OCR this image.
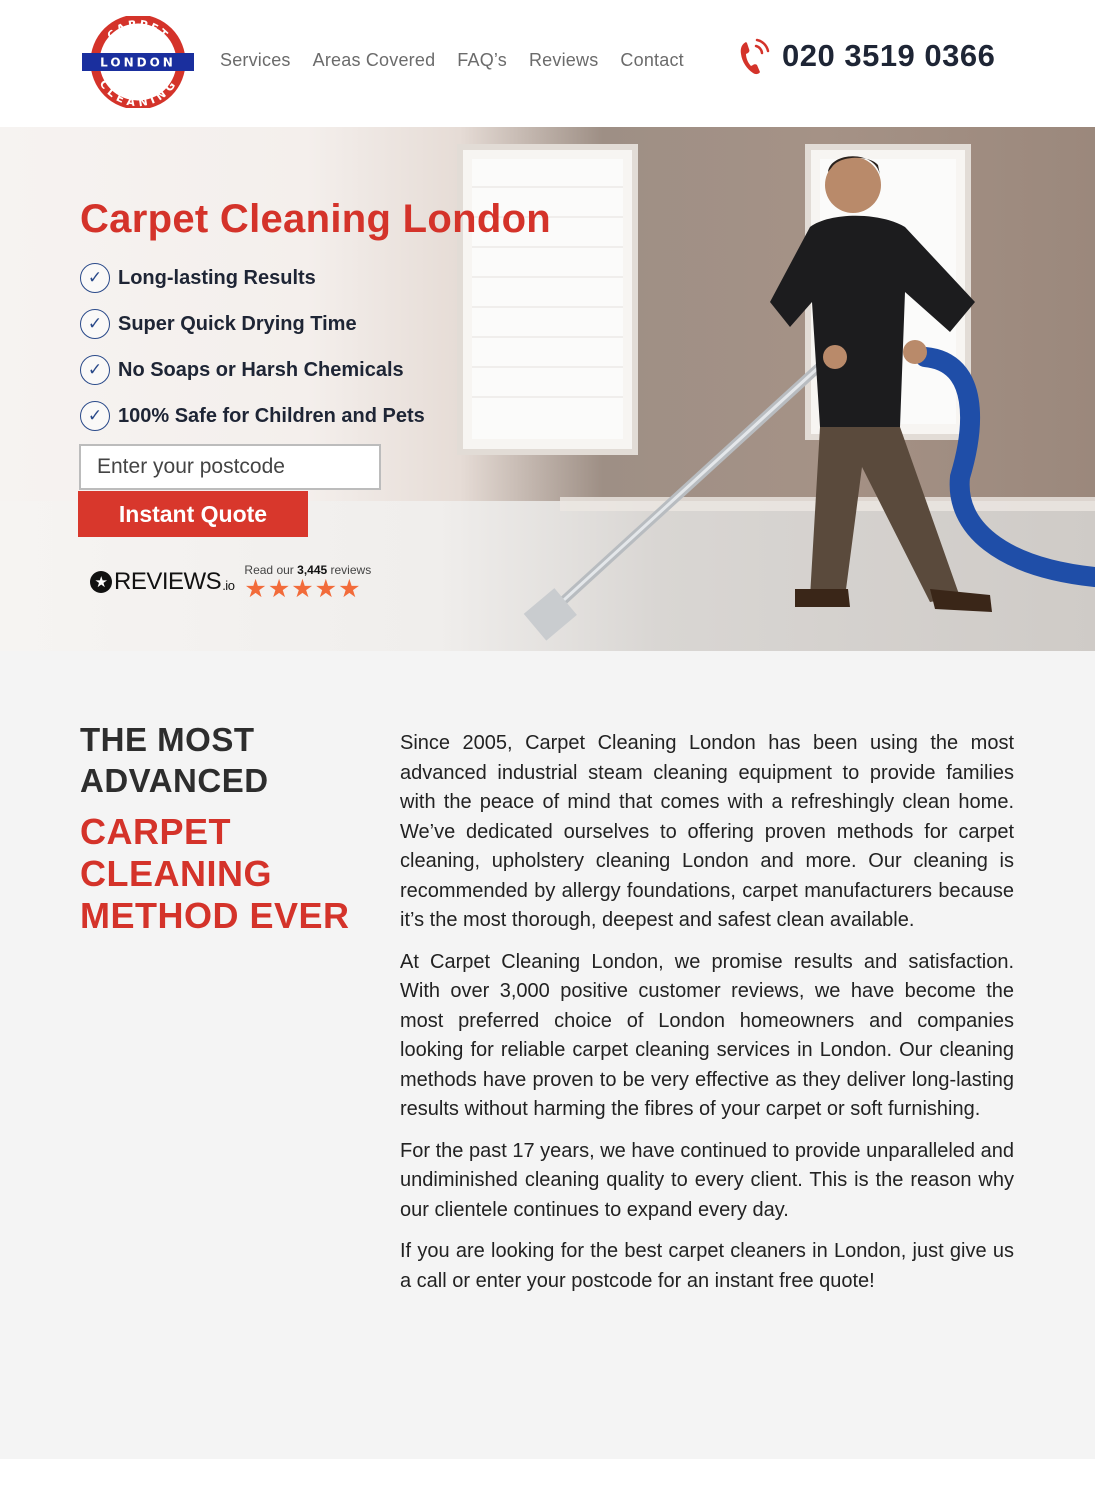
CARPET
CLEANING
LONDON Services Areas Covered FAQ’s Reviews Contact	020 3519 0366
Carpet Cleaning London
✓ Long-lasting Results
✓ Super Quick Drying Time
✓ No Soaps or Harsh Chemicals
✓ 100% Safe for Children and Pets
Enter your postcode
Instant Quote
★ REVIEWS .io
Read our 3,445 reviews
★★★★★
THE MOST
ADVANCED
CARPET
CLEANING
METHOD EVER

Since 2005, Carpet Cleaning London has been using the most advanced industrial steam cleaning equipment to provide families with the peace of mind that comes with a refreshingly clean home. We’ve dedicated ourselves to offering proven methods for carpet cleaning, upholstery cleaning London and more. Our cleaning is recommended by allergy foundations, carpet manufacturers because it’s the most thorough, deepest and safest clean available.

At Carpet Cleaning London, we promise results and satisfaction. With over 3,000 positive customer reviews, we have become the most preferred choice of London homeowners and companies looking for reliable carpet cleaning services in London. Our cleaning methods have proven to be very effective as they deliver long-lasting results without harming the fibres of your carpet or soft furnishing.

For the past 17 years, we have continued to provide unparalleled and undiminished cleaning quality to every client. This is the reason why our clientele continues to expand every day.

If you are looking for the best carpet cleaners in London, just give us a call or enter your postcode for an instant free quote!
